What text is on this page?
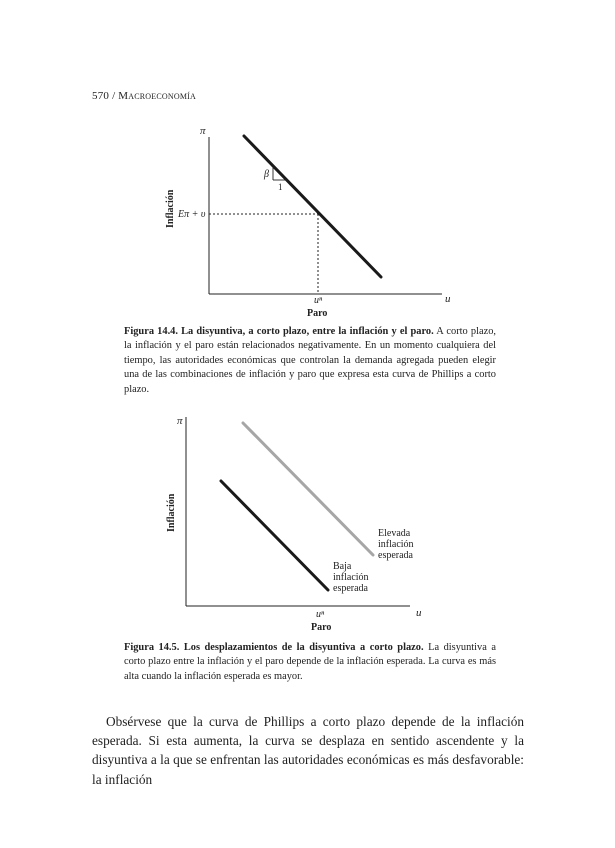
570 / Macroeconomía
π
u
Inflación
Paro
Eπ + υ
uⁿ
β
1
Figura 14.4. La disyuntiva, a corto plazo, entre la inflación y el paro. A corto plazo, la inflación y el paro están relacionados negativamente. En un momento cualquiera del tiempo, las autoridades económicas que controlan la demanda agregada pueden elegir una de las combinaciones de inflación y paro que expresa esta curva de Phillips a corto plazo.
π
u
Inflación
Paro
uⁿ
Elevada inflación esperada
Baja inflación esperada
Figura 14.5. Los desplazamientos de la disyuntiva a corto plazo. La disyuntiva a corto plazo entre la inflación y el paro depende de la inflación esperada. La curva es más alta cuando la inflación esperada es mayor.
Obsérvese que la curva de Phillips a corto plazo depende de la inflación esperada. Si esta aumenta, la curva se desplaza en sentido ascendente y la disyuntiva a la que se enfrentan las autoridades económicas es más desfavorable: la inflación
